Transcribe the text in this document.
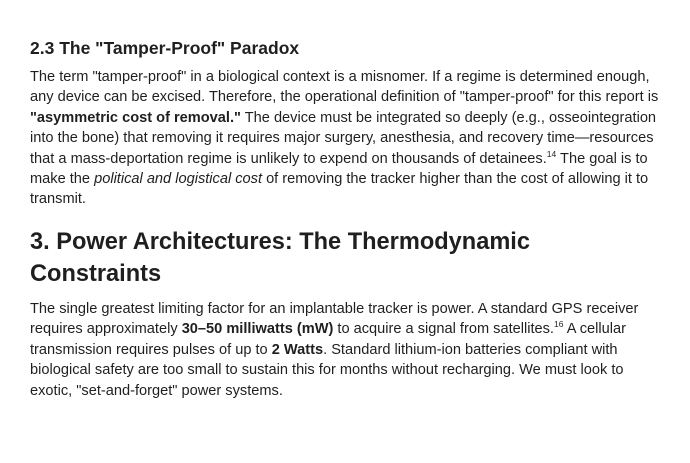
2.3 The "Tamper-Proof" Paradox

The term "tamper-proof" in a biological context is a misnomer. If a regime is determined enough, any device can be excised. Therefore, the operational definition of "tamper-proof" for this report is "asymmetric cost of removal." The device must be integrated so deeply (e.g., osseointegration into the bone) that removing it requires major surgery, anesthesia, and recovery time—resources that a mass-deportation regime is unlikely to expend on thousands of detainees.$^{14}$ The goal is to make the political and logistical cost of removing the tracker higher than the cost of allowing it to transmit.

3. Power Architectures: The Thermodynamic Constraints

The single greatest limiting factor for an implantable tracker is power. A standard GPS receiver requires approximately 30–50 milliwatts (mW) to acquire a signal from satellites.$^{16}$ A cellular transmission requires pulses of up to 2 Watts. Standard lithium-ion batteries compliant with biological safety are too small to sustain this for months without recharging. We must look to exotic, "set-and-forget" power systems.
